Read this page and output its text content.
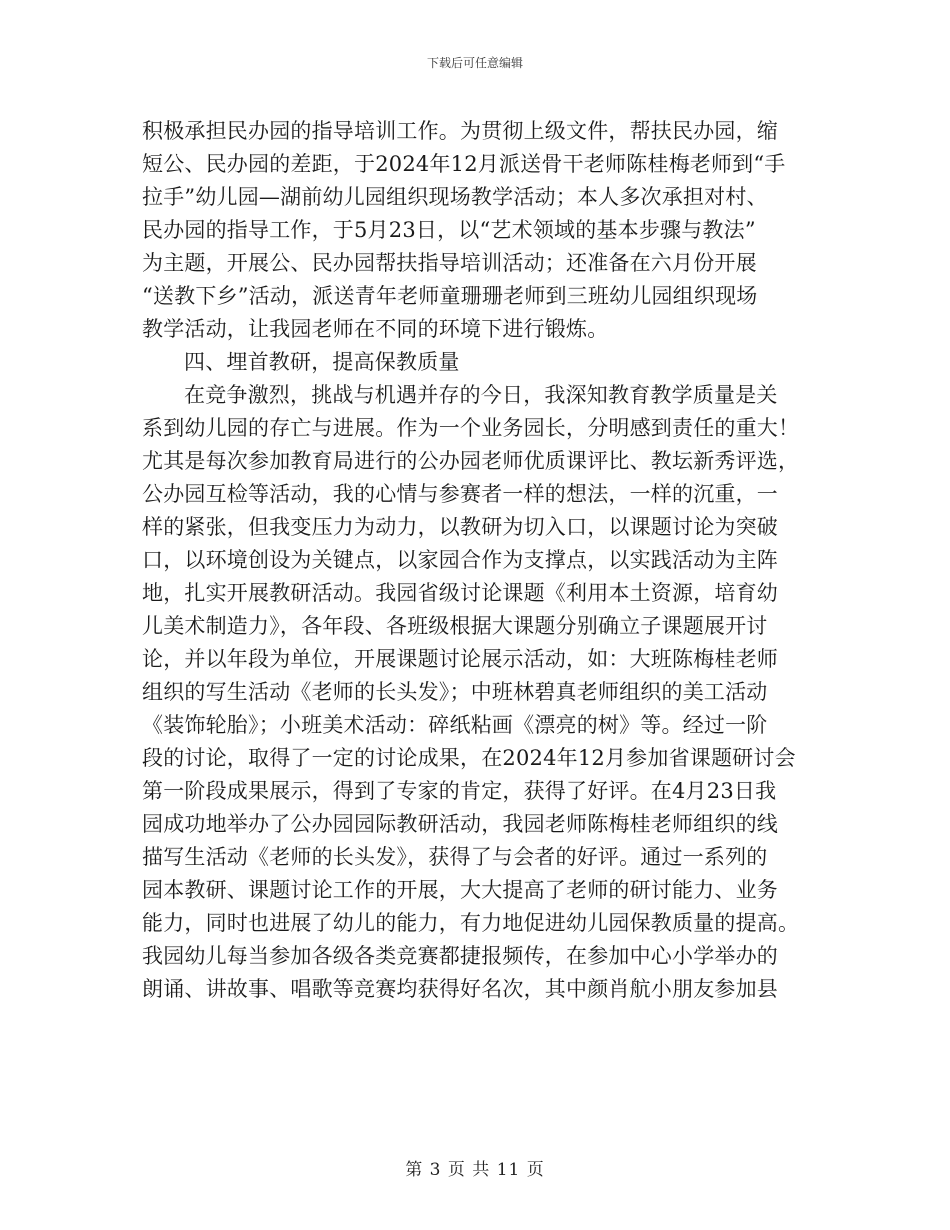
下载后可任意编辑
积极承担民办园的指导培训工作。为贯彻上级文件，帮扶民办园，缩
短公、民办园的差距，于2024年12月派送骨干老师陈桂梅老师到“手
拉手”幼儿园—湖前幼儿园组织现场教学活动；本人多次承担对村、
民办园的指导工作，于5月23日，以“艺术领域的基本步骤与教法”
为主题，开展公、民办园帮扶指导培训活动；还准备在六月份开展
“送教下乡”活动，派送青年老师童珊珊老师到三班幼儿园组织现场
教学活动，让我园老师在不同的环境下进行锻炼。
四、埋首教研，提高保教质量
在竞争激烈，挑战与机遇并存的今日，我深知教育教学质量是关
系到幼儿园的存亡与进展。作为一个业务园长，分明感到责任的重大！
尤其是每次参加教育局进行的公办园老师优质课评比、教坛新秀评选，
公办园互检等活动，我的心情与参赛者一样的想法，一样的沉重，一
样的紧张，但我变压力为动力，以教研为切入口，以课题讨论为突破
口，以环境创设为关键点，以家园合作为支撑点，以实践活动为主阵
地，扎实开展教研活动。我园省级讨论课题《利用本土资源，培育幼
儿美术制造力》，各年段、各班级根据大课题分别确立子课题展开讨
论，并以年段为单位，开展课题讨论展示活动，如：大班陈梅桂老师
组织的写生活动《老师的长头发》；中班林碧真老师组织的美工活动
《装饰轮胎》；小班美术活动：碎纸粘画《漂亮的树》等。经过一阶
段的讨论，取得了一定的讨论成果，在2024年12月参加省课题研讨会
第一阶段成果展示，得到了专家的肯定，获得了好评。在4月23日我
园成功地举办了公办园园际教研活动，我园老师陈梅桂老师组织的线
描写生活动《老师的长头发》，获得了与会者的好评。通过一系列的
园本教研、课题讨论工作的开展，大大提高了老师的研讨能力、业务
能力，同时也进展了幼儿的能力，有力地促进幼儿园保教质量的提高。
我园幼儿每当参加各级各类竞赛都捷报频传，在参加中心小学举办的
朗诵、讲故事、唱歌等竞赛均获得好名次，其中颜肖航小朋友参加县
第 3 页 共 11 页
